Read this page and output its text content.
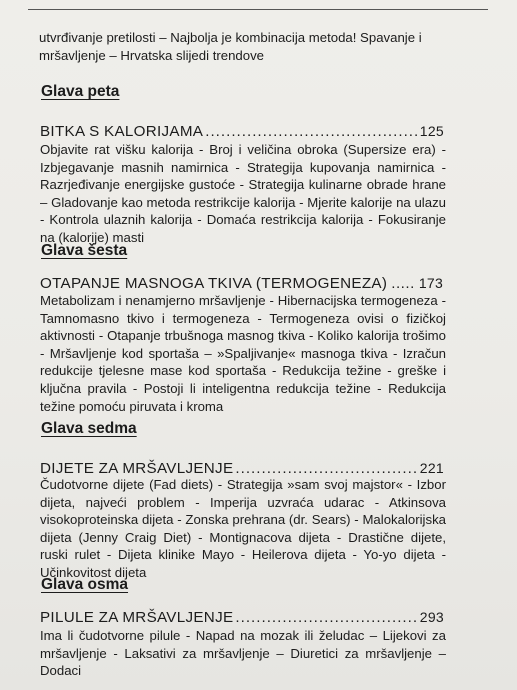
utvrđivanje pretilosti – Najbolja je kombinacija metoda! Spavanje i mršavljenje – Hrvatska slijedi trendove

Glava peta
BITKA S KALORIJAMA .....	125

Objavite rat višku kalorija - Broj i veličina obroka (Supersize era) - Izbjegavanje masnih namirnica - Strategija kupovanja namirnica - Razrjeđivanje energijske gustoće - Strategija kulinarne obrade hrane – Gladovanje kao metoda restrikcije kalorija - Mjerite kalorije na ulazu - Kontrola ulaznih kalorija - Domaća restrikcija kalorija - Fokusiranje na (kalorije) masti

Glava šesta
OTAPANJE MASNOGA TKIVA (TERMOGENEZA) ..... 173

Metabolizam i nenamjerno mršavljenje - Hibernacijska termogeneza - Tamnomasno tkivo i termogeneza - Termogeneza ovisi o fizičkoj aktivnosti - Otapanje trbušnoga masnog tkiva - Koliko kalorija trošimo - Mršavljenje kod sportaša – »Spaljivanje« masnoga tkiva - Izračun redukcije tjelesne mase kod sportaša - Redukcija težine - greške i ključna pravila - Postoji li inteligentna redukcija težine - Redukcija težine pomoću piruvata i kroma

Glava sedma
DIJETE ZA MRŠAVLJENJE .....	221

Čudotvorne dijete (Fad diets) - Strategija »sam svoj majstor« - Izbor dijeta, najveći problem - Imperija uzvraća udarac - Atkinsova visokoproteinska dijeta - Zonska prehrana (dr. Sears) - Malokalorijska dijeta (Jenny Craig Diet) - Montignacova dijeta - Drastične dijete, ruski rulet - Dijeta klinike Mayo - Heilerova dijeta - Yo-yo dijeta - Učinkovitost dijeta

Glava osma
PILULE ZA MRŠAVLJENJE .....	293

Ima li čudotvorne pilule - Napad na mozak ili želudac – Lijekovi za mršavljenje - Laksativi za mršavljenje – Diuretici za mršavljenje – Dodaci
